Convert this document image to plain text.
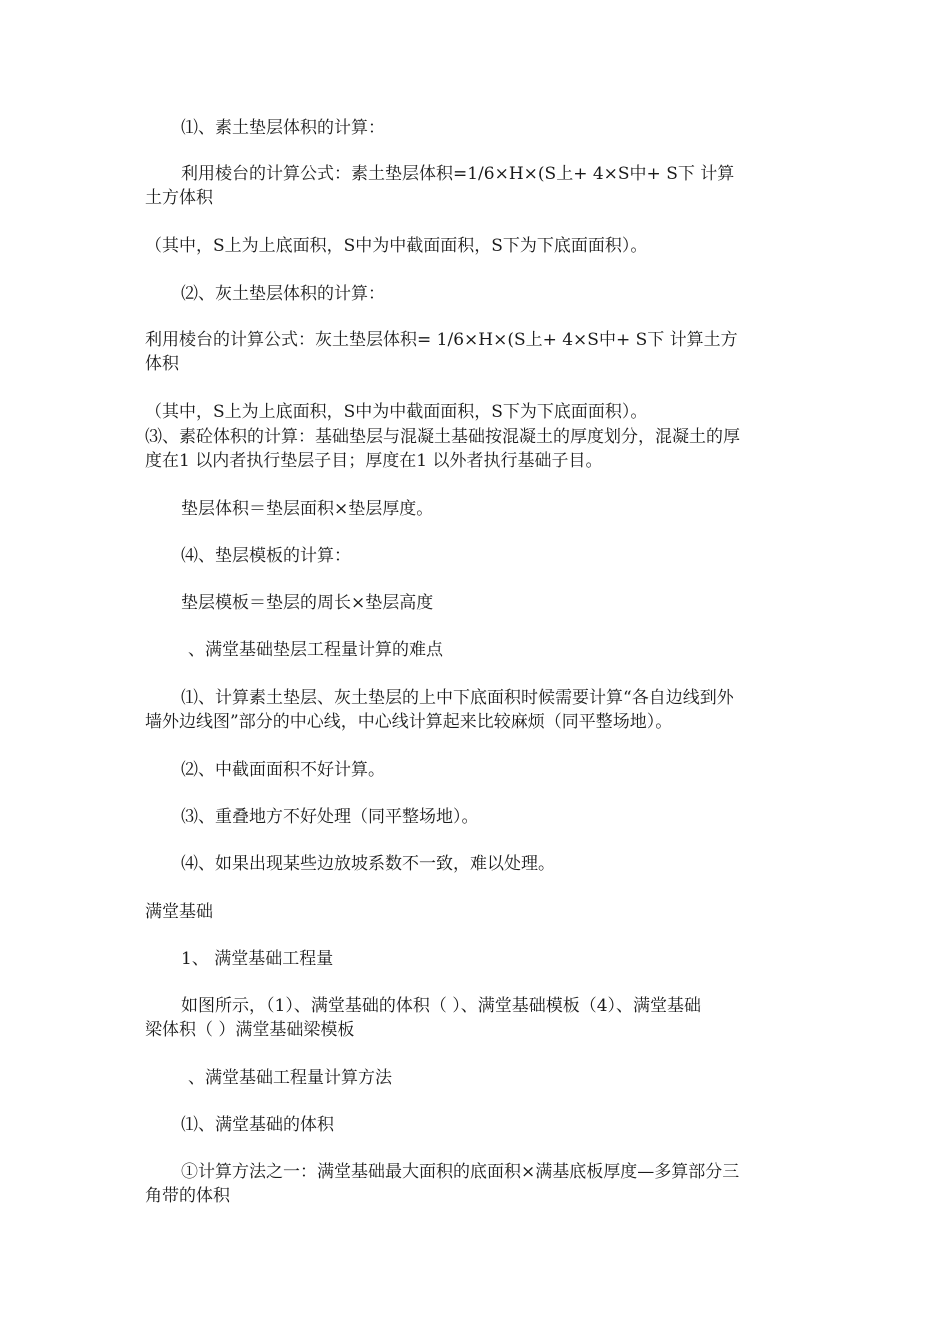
⑴、素土垫层体积的计算：
利用棱台的计算公式：素土垫层体积=1/6×H×(S上+ 4×S中+ S下 计算
土方体积
（其中，S上为上底面积，S中为中截面面积，S下为下底面面积）。
⑵、灰土垫层体积的计算：
利用棱台的计算公式：灰土垫层体积= 1/6×H×(S上+ 4×S中+ S下 计算土方
体积
（其中，S上为上底面积，S中为中截面面积，S下为下底面面积）。
⑶、素砼体积的计算：基础垫层与混凝土基础按混凝土的厚度划分，混凝土的厚
度在1 以内者执行垫层子目；厚度在1 以外者执行基础子目。
垫层体积＝垫层面积×垫层厚度。
⑷、垫层模板的计算：
垫层模板＝垫层的周长×垫层高度
、满堂基础垫层工程量计算的难点
⑴、计算素土垫层、灰土垫层的上中下底面积时候需要计算“各自边线到外
墙外边线图”部分的中心线，中心线计算起来比较麻烦（同平整场地）。
⑵、中截面面积不好计算。
⑶、重叠地方不好处理（同平整场地）。
⑷、如果出现某些边放坡系数不一致，难以处理。
满堂基础
1、 满堂基础工程量
如图所示，（1）、满堂基础的体积（ ）、满堂基础模板（4）、满堂基础
梁体积（ ）满堂基础梁模板
、满堂基础工程量计算方法
⑴、满堂基础的体积
①计算方法之一：满堂基础最大面积的底面积×满基底板厚度—多算部分三
角带的体积
